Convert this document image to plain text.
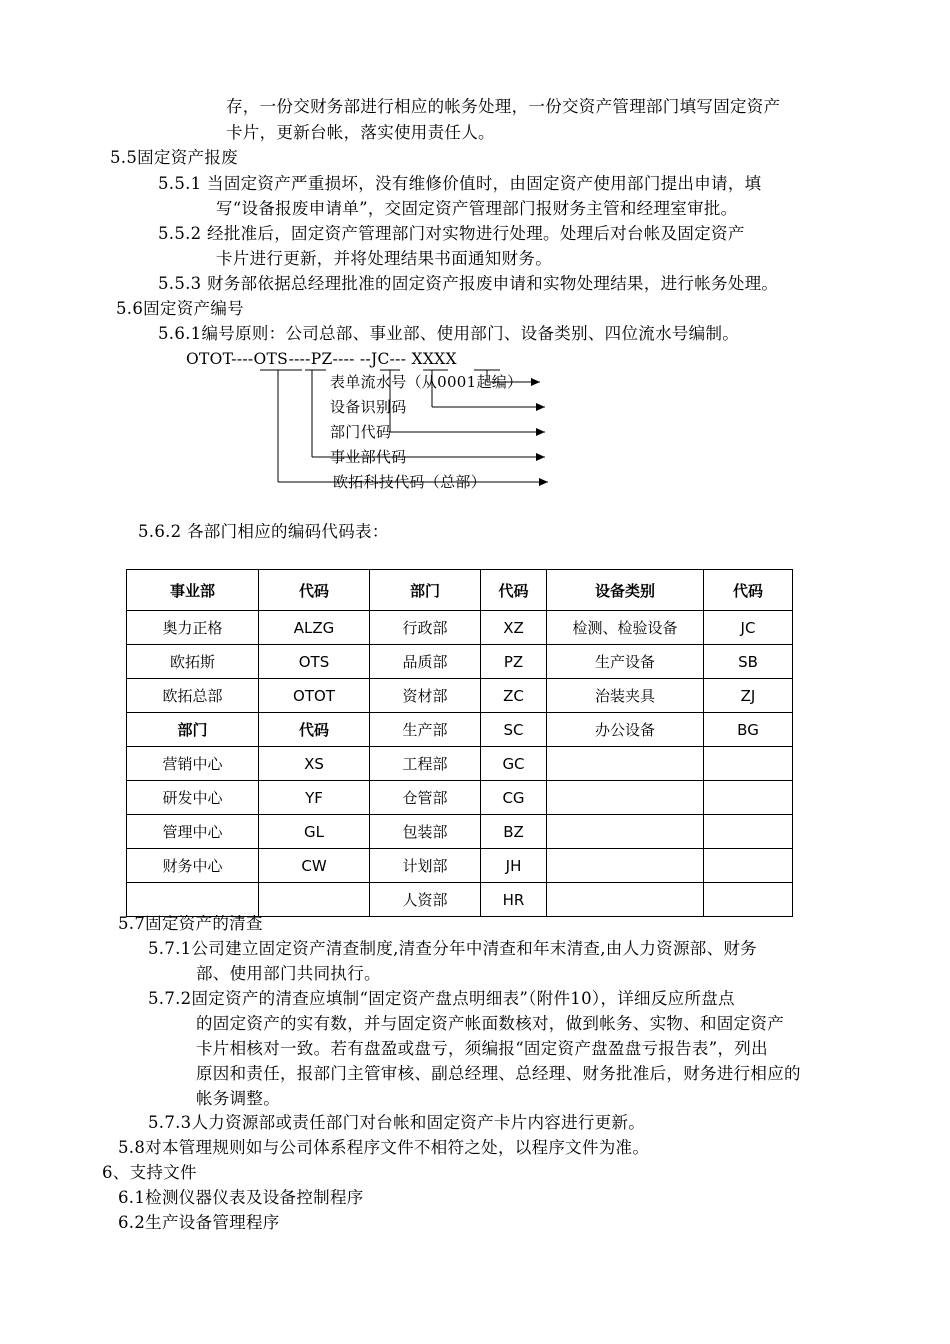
存，一份交财务部进行相应的帐务处理，一份交资产管理部门填写固定资产
卡片，更新台帐，落实使用责任人。
5.5固定资产报废
5.5.1 当固定资产严重损坏，没有维修价值时，由固定资产使用部门提出申请，填
写“设备报废申请单”，交固定资产管理部门报财务主管和经理室审批。
5.5.2 经批准后，固定资产管理部门对实物进行处理。处理后对台帐及固定资产
卡片进行更新，并将处理结果书面通知财务。
5.5.3 财务部依据总经理批准的固定资产报废申请和实物处理结果，进行帐务处理。
5.6固定资产编号
5.6.1编号原则：公司总部、事业部、使用部门、设备类别、四位流水号编制。
OTOT----OTS----PZ---- --JC--- XXXX
表单流水号（从0001起编）
设备识别码
部门代码
事业部代码
欧拓科技代码（总部）
5.6.2 各部门相应的编码代码表：
事业部	代码	部门	代码	设备类别	代码
奥力正格	ALZG	行政部	XZ	检测、检验设备	JC
欧拓斯	OTS	品质部	PZ	生产设备	SB
欧拓总部	OTOT	资材部	ZC	治装夹具	ZJ
部门	代码	生产部	SC	办公设备	BG
营销中心	XS	工程部	GC		
研发中心	YF	仓管部	CG		
管理中心	GL	包装部	BZ		
财务中心	CW	计划部	JH		
		人资部	HR		
5.7固定资产的清查
5.7.1公司建立固定资产清查制度,清查分年中清查和年末清查,由人力资源部、财务
部、使用部门共同执行。
5.7.2固定资产的清查应填制“固定资产盘点明细表”（附件10），详细反应所盘点
的固定资产的实有数，并与固定资产帐面数核对，做到帐务、实物、和固定资产
卡片相核对一致。若有盘盈或盘亏，须编报“固定资产盘盈盘亏报告表”，列出
原因和责任，报部门主管审核、副总经理、总经理、财务批准后，财务进行相应的
帐务调整。
5.7.3人力资源部或责任部门对台帐和固定资产卡片内容进行更新。
5.8对本管理规则如与公司体系程序文件不相符之处，以程序文件为准。
6、支持文件
6.1检测仪器仪表及设备控制程序
6.2生产设备管理程序
